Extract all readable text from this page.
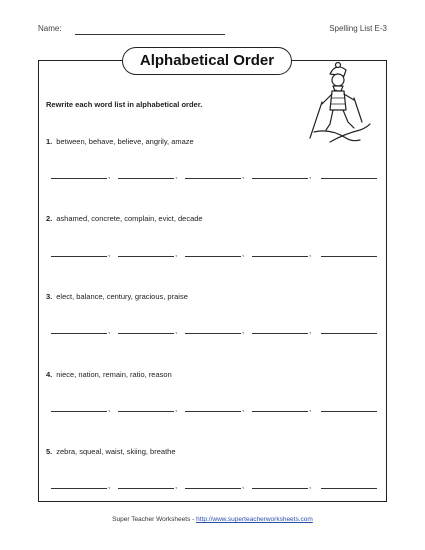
Name:	Spelling List E-3
Alphabetical Order
Rewrite each word list in alphabetical order.
1. between, behave, believe, angrily, amaze
,	,	,	,
2. ashamed, concrete, complain, evict, decade
,	,	,	,
3. elect, balance, century, gracious, praise
,	,	,	,
4. niece, nation, remain, ratio, reason
,	,	,	,
5. zebra, squeal, waist, skiing, breathe
,	,	,	,
Super Teacher Worksheets - http://www.superteacherworksheets.com
